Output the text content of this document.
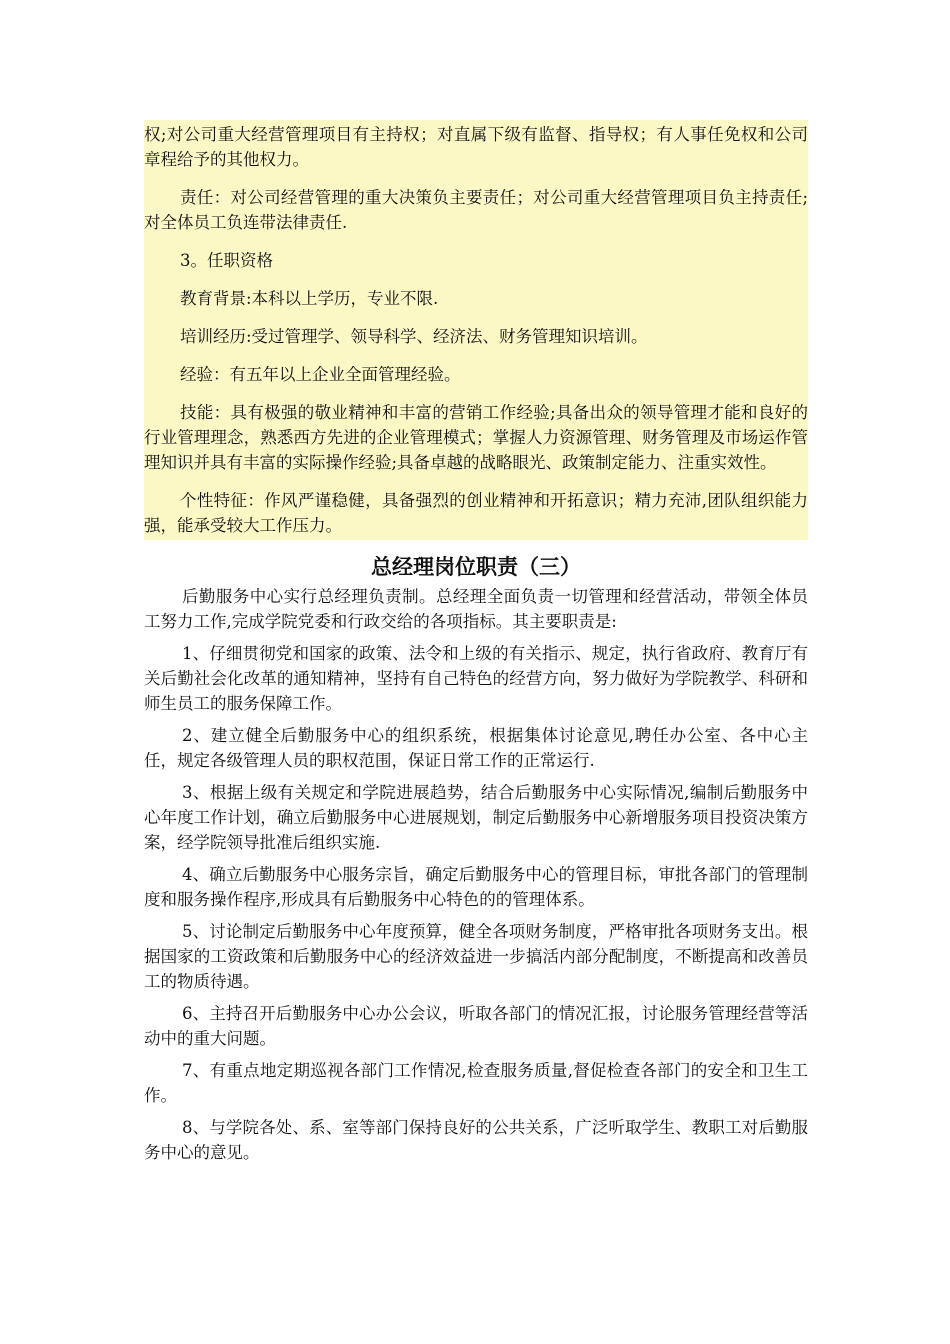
权;对公司重大经营管理项目有主持权；对直属下级有监督、指导权；有人事任免权和公司章程给予的其他权力。

责任：对公司经营管理的重大决策负主要责任；对公司重大经营管理项目负主持责任;对全体员工负连带法律责任.

3。任职资格

教育背景:本科以上学历，专业不限.

培训经历:受过管理学、领导科学、经济法、财务管理知识培训。

经验：有五年以上企业全面管理经验。

技能：具有极强的敬业精神和丰富的营销工作经验;具备出众的领导管理才能和良好的行业管理理念，熟悉西方先进的企业管理模式；掌握人力资源管理、财务管理及市场运作管理知识并具有丰富的实际操作经验;具备卓越的战略眼光、政策制定能力、注重实效性。

个性特征：作风严谨稳健，具备强烈的创业精神和开拓意识；精力充沛,团队组织能力强，能承受较大工作压力。

总经理岗位职责（三）

后勤服务中心实行总经理负责制。总经理全面负责一切管理和经营活动，带领全体员工努力工作,完成学院党委和行政交给的各项指标。其主要职责是:

1、仔细贯彻党和国家的政策、法令和上级的有关指示、规定，执行省政府、教育厅有关后勤社会化改革的通知精神，坚持有自己特色的经营方向，努力做好为学院教学、科研和师生员工的服务保障工作。

2、建立健全后勤服务中心的组织系统，根据集体讨论意见,聘任办公室、各中心主任，规定各级管理人员的职权范围，保证日常工作的正常运行.

3、根据上级有关规定和学院进展趋势，结合后勤服务中心实际情况,编制后勤服务中心年度工作计划，确立后勤服务中心进展规划，制定后勤服务中心新增服务项目投资决策方案，经学院领导批准后组织实施.

4、确立后勤服务中心服务宗旨，确定后勤服务中心的管理目标，审批各部门的管理制度和服务操作程序,形成具有后勤服务中心特色的的管理体系。

5、讨论制定后勤服务中心年度预算，健全各项财务制度，严格审批各项财务支出。根据国家的工资政策和后勤服务中心的经济效益进一步搞活内部分配制度，不断提高和改善员工的物质待遇。

6、主持召开后勤服务中心办公会议，听取各部门的情况汇报，讨论服务管理经营等活动中的重大问题。

7、有重点地定期巡视各部门工作情况,检查服务质量,督促检查各部门的安全和卫生工作。

8、与学院各处、系、室等部门保持良好的公共关系，广泛听取学生、教职工对后勤服务中心的意见。
